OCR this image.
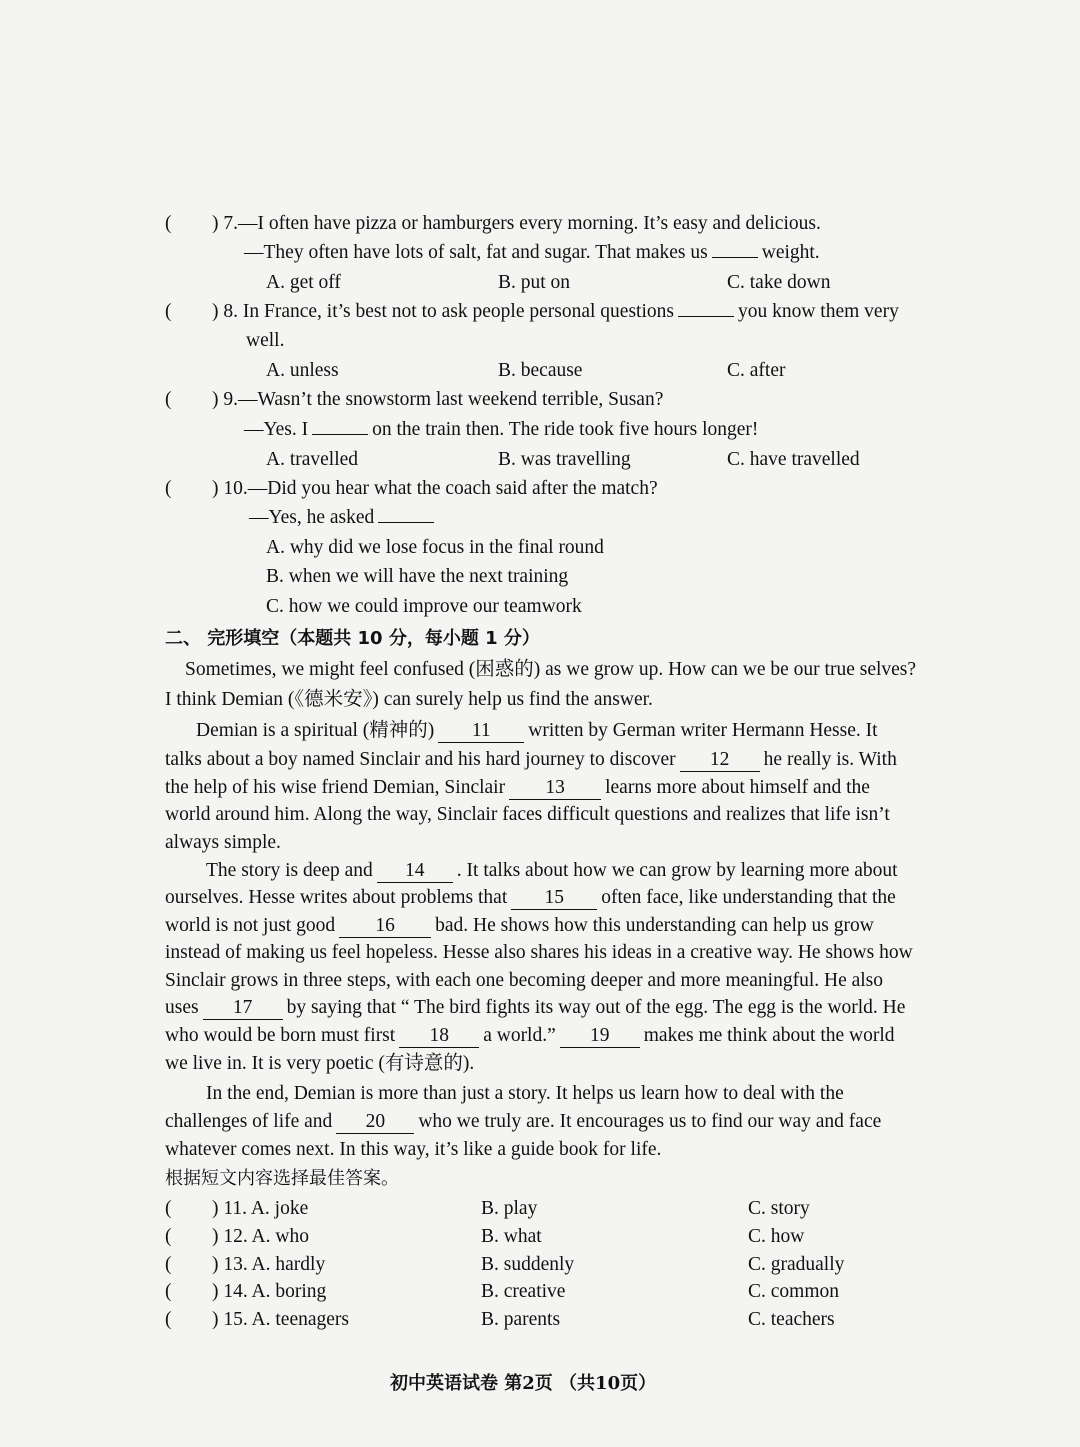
( ) 7.—I often have pizza or hamburgers every morning. It’s easy and delicious.
—They often have lots of salt, fat and sugar. That makes us	weight.
A. get off	B. put on	C. take down
( ) 8. In France, it’s best not to ask people personal questions	you know them very
well.
A. unless	B. because	C. after
( ) 9.—Wasn’t the snowstorm last weekend terrible, Susan?
—Yes. I	on the train then. The ride took five hours longer!
A. travelled	B. was travelling	C. have travelled
( ) 10.—Did you hear what the coach said after the match?
—Yes, he asked
A. why did we lose focus in the final round
B. when we will have the next training
C. how we could improve our teamwork
二、 完形填空（本题共 10 分，每小题 1 分）
Sometimes, we might feel confused (困惑的) as we grow up. How can we be our true selves?
I think Demian (《德米安》) can surely help us find the answer.
Demian is a spiritual (精神的) 11 written by German writer Hermann Hesse. It
talks about a boy named Sinclair and his hard journey to discover 12 he really is. With
the help of his wise friend Demian, Sinclair 13 learns more about himself and the
world around him. Along the way, Sinclair faces difficult questions and realizes that life isn’t
always simple.
The story is deep and 14 . It talks about how we can grow by learning more about
ourselves. Hesse writes about problems that 15 often face, like understanding that the
world is not just good 16 bad. He shows how this understanding can help us grow
instead of making us feel hopeless. Hesse also shares his ideas in a creative way. He shows how
Sinclair grows in three steps, with each one becoming deeper and more meaningful. He also
uses 17 by saying that “ The bird fights its way out of the egg. The egg is the world. He
who would be born must first 18 a world.” 19 makes me think about the world
we live in. It is very poetic (有诗意的).
In the end, Demian is more than just a story. It helps us learn how to deal with the
challenges of life and 20 who we truly are. It encourages us to find our way and face
whatever comes next. In this way, it’s like a guide book for life.
根据短文内容选择最佳答案。
( ) 11. A. joke	B. play	C. story
( ) 12. A. who	B. what	C. how
( ) 13. A. hardly	B. suddenly	C. gradually
( ) 14. A. boring	B. creative	C. common
( ) 15. A. teenagers	B. parents	C. teachers
初中英语试卷 第2页 （共10页）
